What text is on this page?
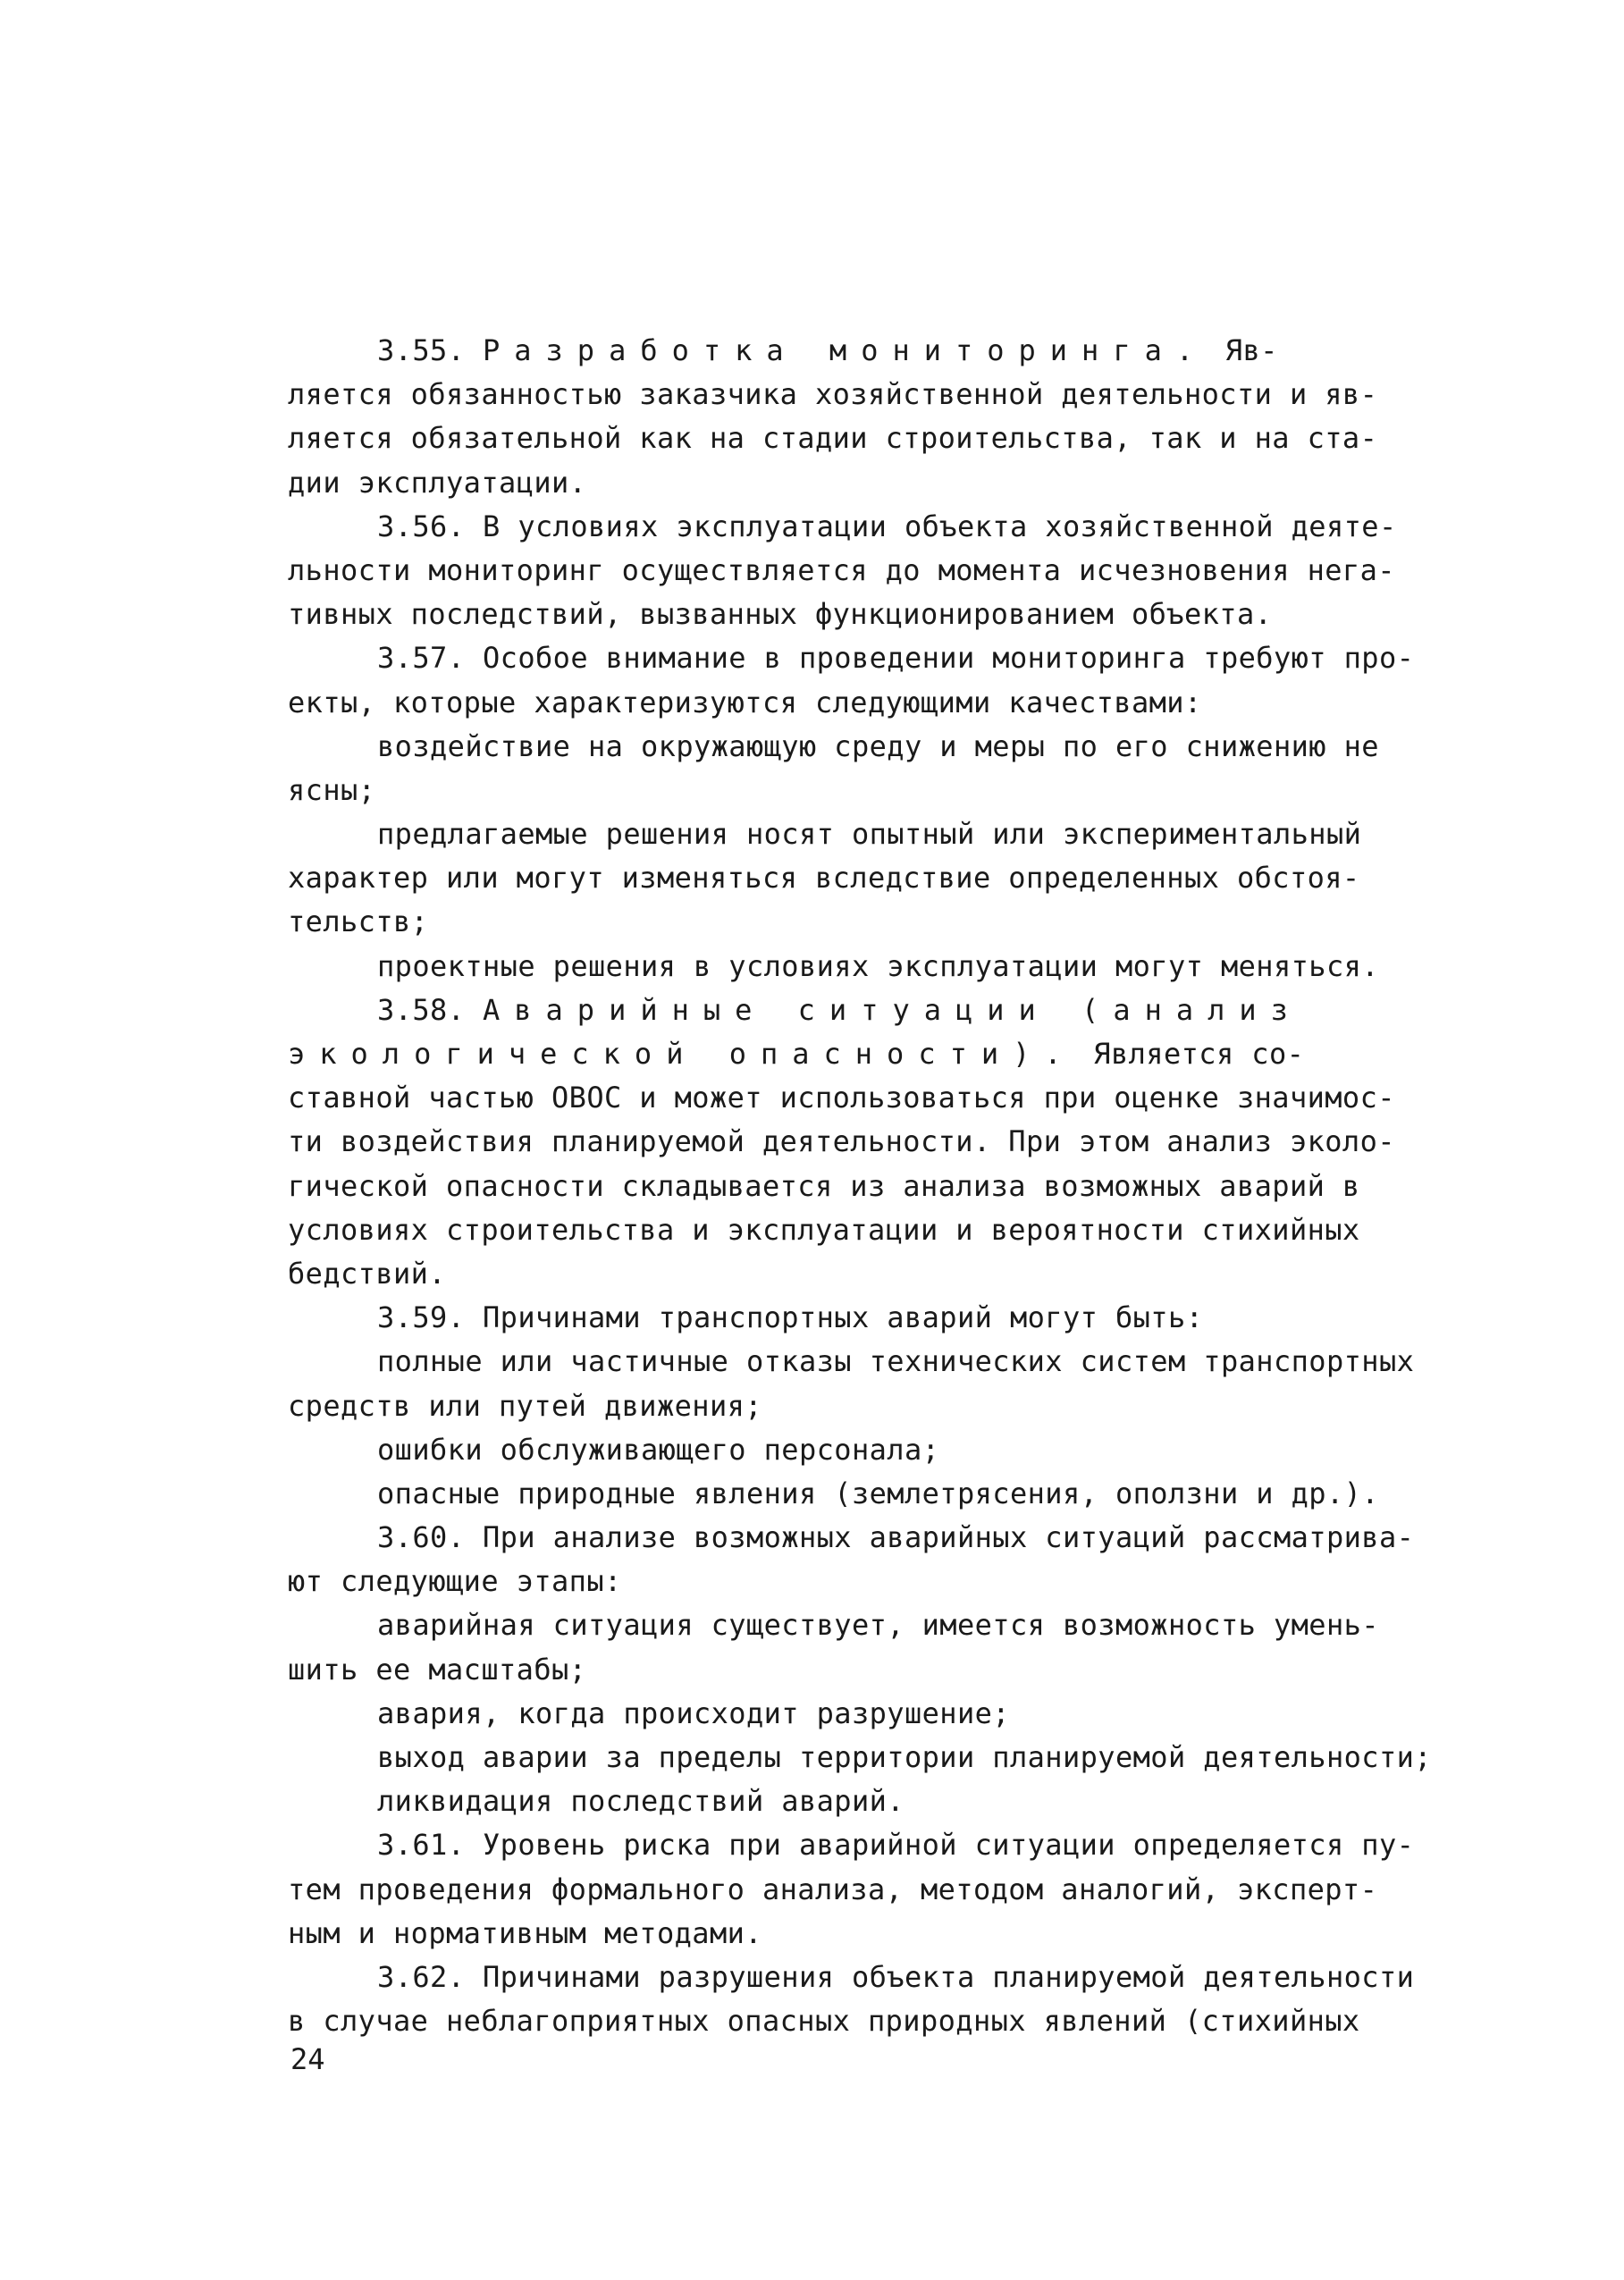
3.55. Разработка мониторинга. Яв-
ляется обязанностью заказчика хозяйственной деятельности и яв-
ляется обязательной как на стадии строительства, так и на ста-
дии эксплуатации.
3.56. В условиях эксплуатации объекта хозяйственной деяте-
льности мониторинг осуществляется до момента исчезновения нега-
тивных последствий, вызванных функционированием объекта.
3.57. Особое внимание в проведении мониторинга требуют про-
екты, которые характеризуются следующими качествами:
воздействие на окружающую среду и меры по его снижению не
ясны;
предлагаемые решения носят опытный или экспериментальный
характер или могут изменяться вследствие определенных обстоя-
тельств;
проектные решения в условиях эксплуатации могут меняться.
3.58. Аварийные ситуации (анализ
экологической опасности). Является со-
ставной частью ОВОС и может использоваться при оценке значимос-
ти воздействия планируемой деятельности. При этом анализ эколо-
гической опасности складывается из анализа возможных аварий в
условиях строительства и эксплуатации и вероятности стихийных
бедствий.
3.59. Причинами транспортных аварий могут быть:
полные или частичные отказы технических систем транспортных
средств или путей движения;
ошибки обслуживающего персонала;
опасные природные явления (землетрясения, оползни и др.).
3.60. При анализе возможных аварийных ситуаций рассматрива-
ют следующие этапы:
аварийная ситуация существует, имеется возможность умень-
шить ее масштабы;
авария, когда происходит разрушение;
выход аварии за пределы территории планируемой деятельности;
ликвидация последствий аварий.
3.61. Уровень риска при аварийной ситуации определяется пу-
тем проведения формального анализа, методом аналогий, эксперт-
ным и нормативным методами.
3.62. Причинами разрушения объекта планируемой деятельности
в случае неблагоприятных опасных природных явлений (стихийных
24
